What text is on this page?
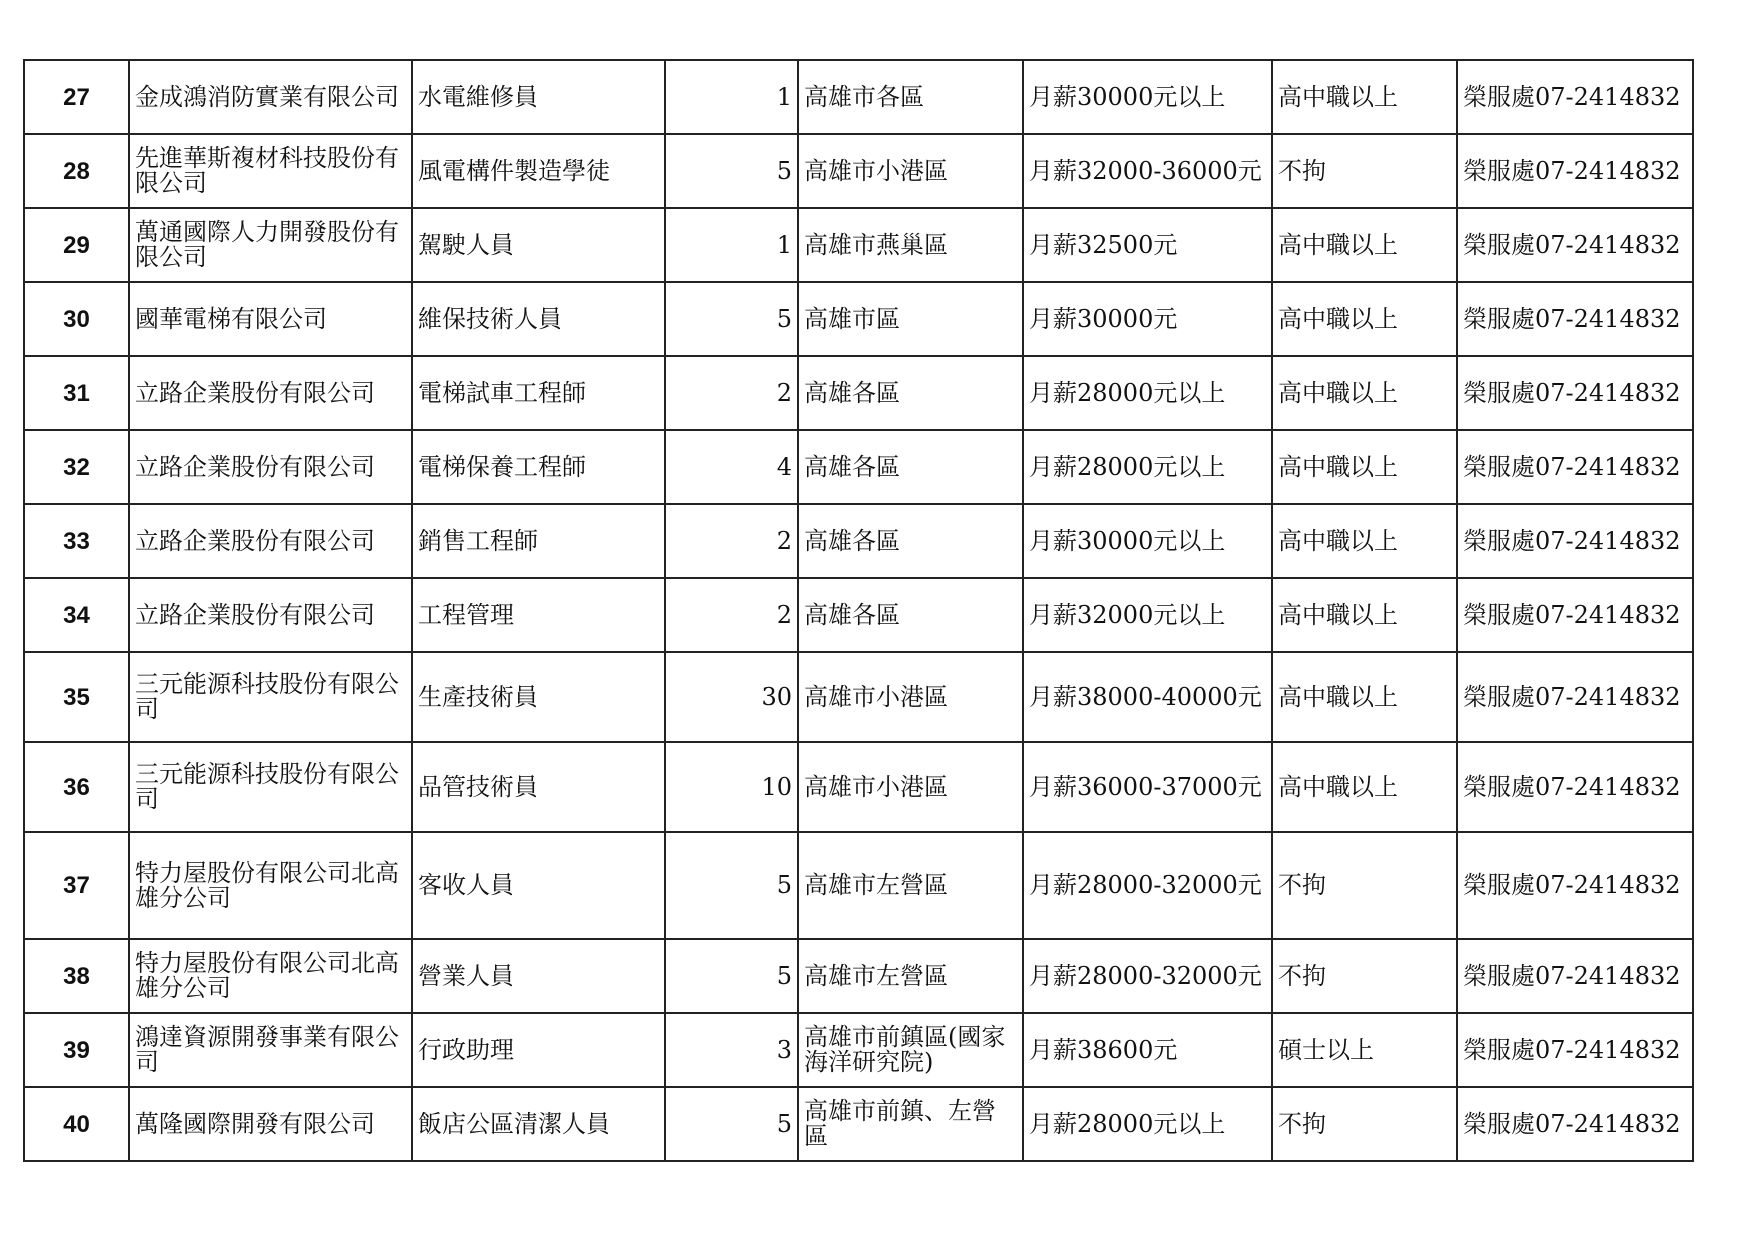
27	金成鴻消防實業有限公司	水電維修員	1	高雄市各區	月薪30000元以上	高中職以上	榮服處07-2414832
28	先進華斯複材科技股份有限公司	風電構件製造學徒	5	高雄市小港區	月薪32000-36000元	不拘	榮服處07-2414832
29	萬通國際人力開發股份有限公司	駕駛人員	1	高雄市燕巢區	月薪32500元	高中職以上	榮服處07-2414832
30	國華電梯有限公司	維保技術人員	5	高雄市區	月薪30000元	高中職以上	榮服處07-2414832
31	立路企業股份有限公司	電梯試車工程師	2	高雄各區	月薪28000元以上	高中職以上	榮服處07-2414832
32	立路企業股份有限公司	電梯保養工程師	4	高雄各區	月薪28000元以上	高中職以上	榮服處07-2414832
33	立路企業股份有限公司	銷售工程師	2	高雄各區	月薪30000元以上	高中職以上	榮服處07-2414832
34	立路企業股份有限公司	工程管理	2	高雄各區	月薪32000元以上	高中職以上	榮服處07-2414832
35	三元能源科技股份有限公司	生產技術員	30	高雄市小港區	月薪38000-40000元	高中職以上	榮服處07-2414832
36	三元能源科技股份有限公司	品管技術員	10	高雄市小港區	月薪36000-37000元	高中職以上	榮服處07-2414832
37	特力屋股份有限公司北高雄分公司	客收人員	5	高雄市左營區	月薪28000-32000元	不拘	榮服處07-2414832
38	特力屋股份有限公司北高雄分公司	營業人員	5	高雄市左營區	月薪28000-32000元	不拘	榮服處07-2414832
39	鴻達資源開發事業有限公司	行政助理	3	高雄市前鎮區(國家海洋研究院)	月薪38600元	碩士以上	榮服處07-2414832
40	萬隆國際開發有限公司	飯店公區清潔人員	5	高雄市前鎮、左營區	月薪28000元以上	不拘	榮服處07-2414832
